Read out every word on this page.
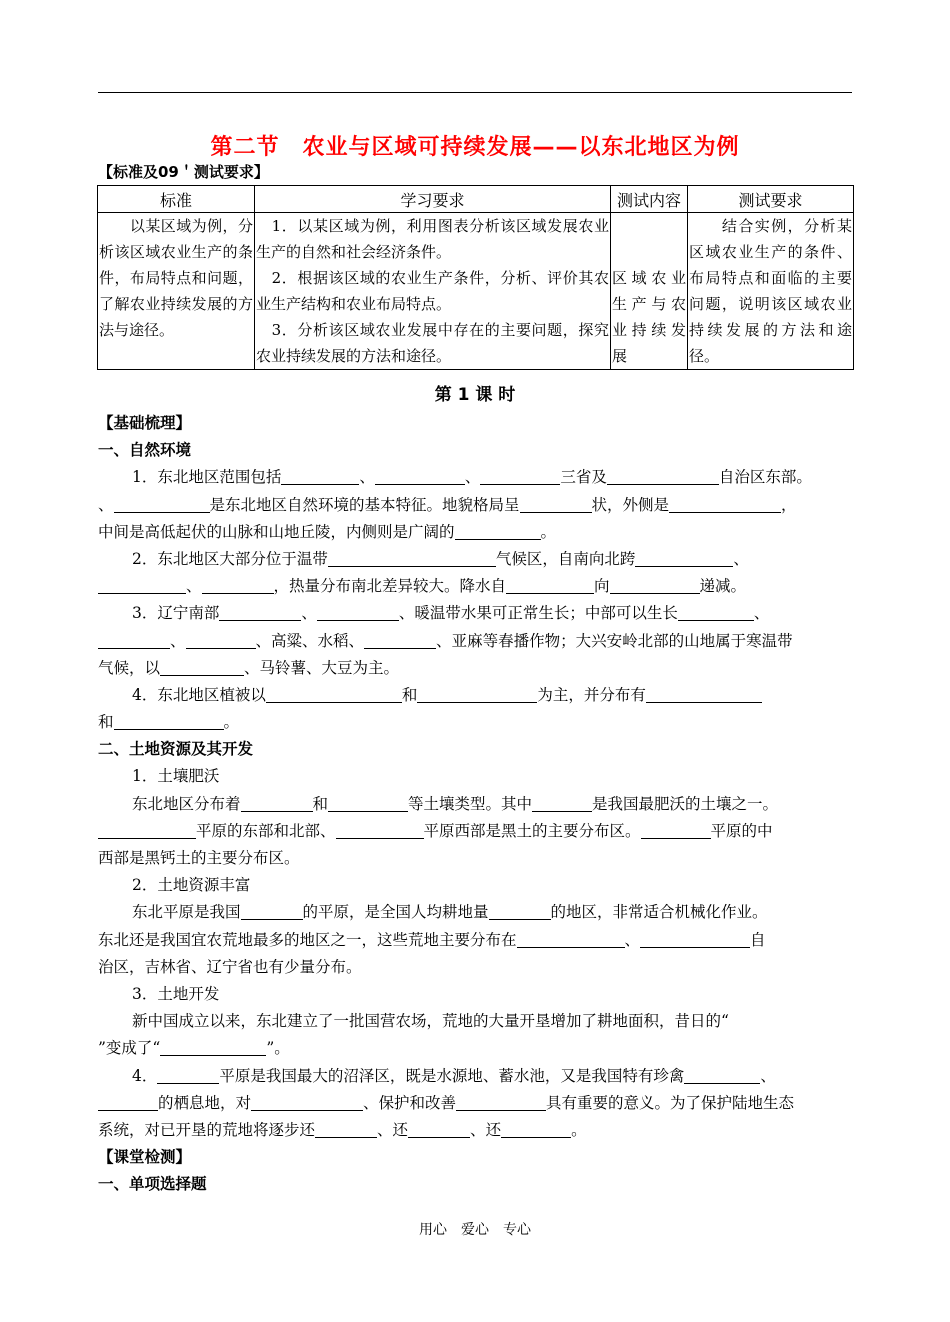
第二节　农业与区域可持续发展——以东北地区为例
【标准及09＇测试要求】
标准	学习要求	测试内容	测试要求
　　以某区域为例，分析该区域农业生产的条件，布局特点和问题，了解农业持续发展的方法与途径。	　1．以某区域为例，利用图表分析该区域发展农业生产的自然和社会经济条件。
　2．根据该区域的农业生产条件，分析、评价其农业生产结构和农业布局特点。
　3．分析该区域农业发展中存在的主要问题，探究农业持续发展的方法和途径。	区域农业生产与农业持续发展	　　结合实例，分析某区域农业生产的条件、布局特点和面临的主要问题，说明该区域农业持续发展的方法和途径。
第 1 课 时
【基础梳理】
一、自然环境
1．东北地区范围包括	、	、	三省及	自治区东部。
、	是东北地区自然环境的基本特征。地貌格局呈	状，外侧是	，
中间是高低起伏的山脉和山地丘陵，内侧则是广阔的	。
2．东北地区大部分位于温带	气候区，自南向北跨	、
、	，热量分布南北差异较大。降水自	向	递减。
3．辽宁南部	、	、暖温带水果可正常生长；中部可以生长	、
、	、高粱、水稻、	、亚麻等春播作物；大兴安岭北部的山地属于寒温带
气候，以	、马铃薯、大豆为主。
4．东北地区植被以	和	为主，并分布有
和	。
二、土地资源及其开发
1．土壤肥沃
东北地区分布着	和	等土壤类型。其中	是我国最肥沃的土壤之一。
平原的东部和北部、	平原西部是黑土的主要分布区。	平原的中
西部是黑钙土的主要分布区。
2．土地资源丰富
东北平原是我国	的平原，是全国人均耕地量	的地区，非常适合机械化作业。
东北还是我国宜农荒地最多的地区之一，这些荒地主要分布在	、	自
治区，吉林省、辽宁省也有少量分布。
3．土地开发
新中国成立以来，东北建立了一批国营农场，荒地的大量开垦增加了耕地面积，昔日的“
”变成了“	”。
4．	平原是我国最大的沼泽区，既是水源地、蓄水池，又是我国特有珍禽	、
的栖息地，对	、保护和改善	具有重要的意义。为了保护陆地生态
系统，对已开垦的荒地将逐步还	、还	、还	。
【课堂检测】
一、单项选择题
用心　爱心　专心
